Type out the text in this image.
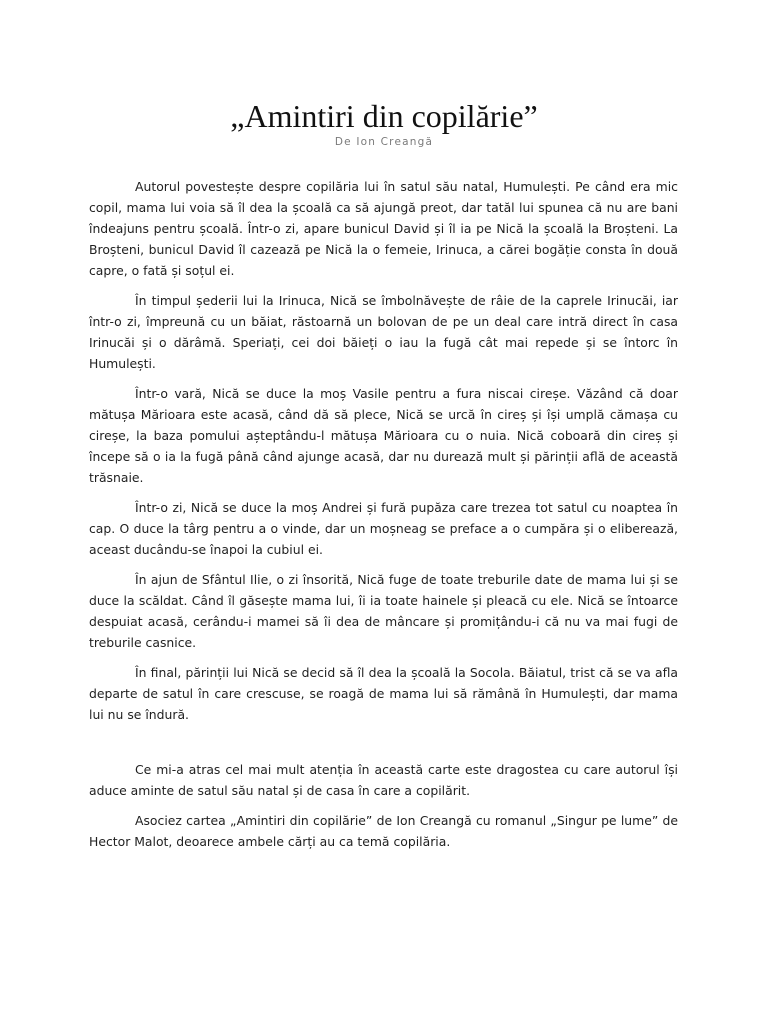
„Amintiri din copilărie”
De Ion Creangă

Autorul povestește despre copilăria lui în satul său natal, Humulești. Pe când era mic copil, mama lui voia să îl dea la școală ca să ajungă preot, dar tatăl lui spunea că nu are bani îndeajuns pentru școală. Într-o zi, apare bunicul David și îl ia pe Nică la școală la Broșteni. La Broșteni, bunicul David îl cazează pe Nică la o femeie, Irinuca, a cărei bogăție consta în două capre, o fată și soțul ei.

În timpul șederii lui la Irinuca, Nică se îmbolnăvește de râie de la caprele Irinucăi, iar într-o zi, împreună cu un băiat, răstoarnă un bolovan de pe un deal care intră direct în casa Irinucăi și o dărâmă. Speriați, cei doi băieți o iau la fugă cât mai repede și se întorc în Humulești.

Într-o vară, Nică se duce la moș Vasile pentru a fura niscai cireșe. Văzând că doar mătușa Mărioara este acasă, când dă să plece, Nică se urcă în cireș și își umplă cămașa cu cireșe, la baza pomului așteptându-l mătușa Mărioara cu o nuia. Nică coboară din cireș și începe să o ia la fugă până când ajunge acasă, dar nu durează mult și părinții află de această trăsnaie.

Într-o zi, Nică se duce la moș Andrei și fură pupăza care trezea tot satul cu noaptea în cap. O duce la târg pentru a o vinde, dar un moșneag se preface a o cumpăra și o eliberează, aceast ducându-se înapoi la cubiul ei.

În ajun de Sfântul Ilie, o zi însorită, Nică fuge de toate treburile date de mama lui și se duce la scăldat. Când îl găsește mama lui, îi ia toate hainele și pleacă cu ele. Nică se întoarce despuiat acasă, cerându-i mamei să îi dea de mâncare și promițându-i că nu va mai fugi de treburile casnice.

În final, părinții lui Nică se decid să îl dea la școală la Socola. Băiatul, trist că se va afla departe de satul în care crescuse, se roagă de mama lui să rămână în Humulești, dar mama lui nu se îndură.

Ce mi-a atras cel mai mult atenția în această carte este dragostea cu care autorul își aduce aminte de satul său natal și de casa în care a copilărit.

Asociez cartea „Amintiri din copilărie” de Ion Creangă cu romanul „Singur pe lume” de Hector Malot, deoarece ambele cărți au ca temă copilăria.
